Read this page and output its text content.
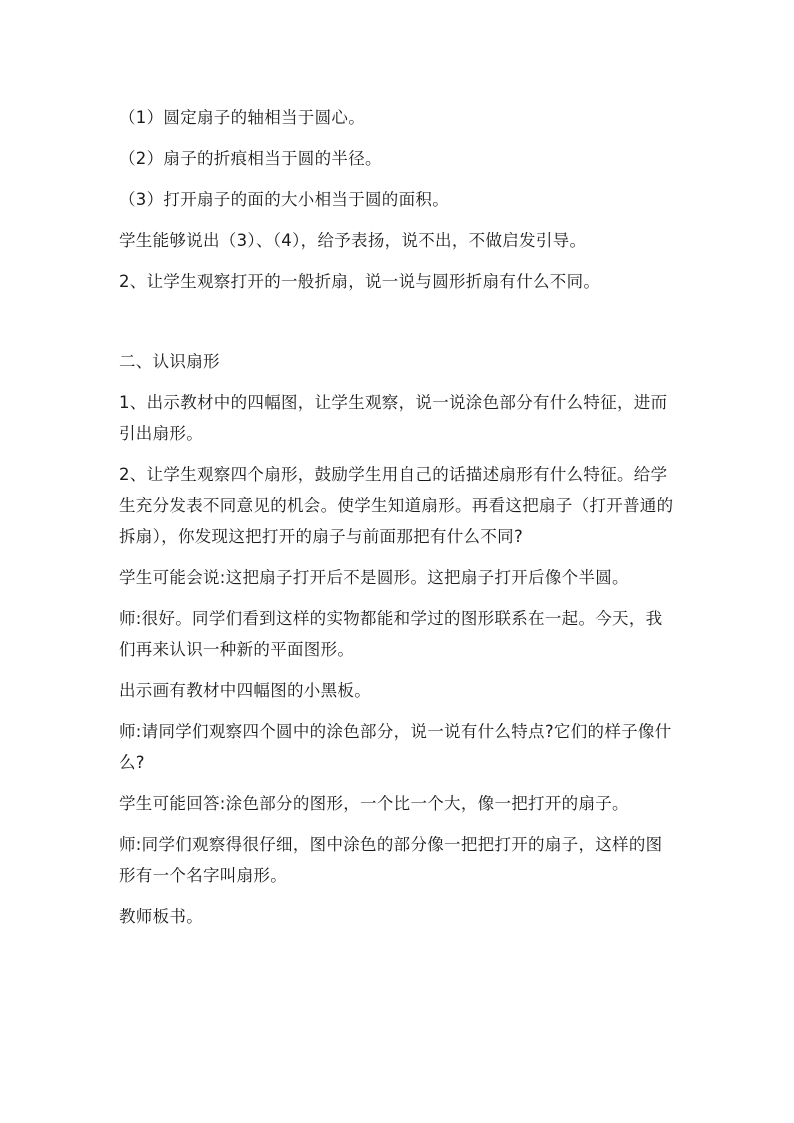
（1）圆定扇子的轴相当于圆心。

（2）扇子的折痕相当于圆的半径。

（3）打开扇子的面的大小相当于圆的面积。

学生能够说出（3）、（4），给予表扬，说不出，不做启发引导。

2、让学生观察打开的一般折扇，说一说与圆形折扇有什么不同。

二、认识扇形

1、出示教材中的四幅图，让学生观察，说一说涂色部分有什么特征，进而引出扇形。

2、让学生观察四个扇形，鼓励学生用自己的话描述扇形有什么特征。给学生充分发表不同意见的机会。使学生知道扇形。再看这把扇子（打开普通的拆扇），你发现这把打开的扇子与前面那把有什么不同?

学生可能会说:这把扇子打开后不是圆形。这把扇子打开后像个半圆。

师:很好。同学们看到这样的实物都能和学过的图形联系在一起。今天，我们再来认识一种新的平面图形。

出示画有教材中四幅图的小黑板。

师:请同学们观察四个圆中的涂色部分，说一说有什么特点?它们的样子像什么?

学生可能回答:涂色部分的图形，一个比一个大，像一把打开的扇子。

师:同学们观察得很仔细，图中涂色的部分像一把把打开的扇子，这样的图形有一个名字叫扇形。

教师板书。
